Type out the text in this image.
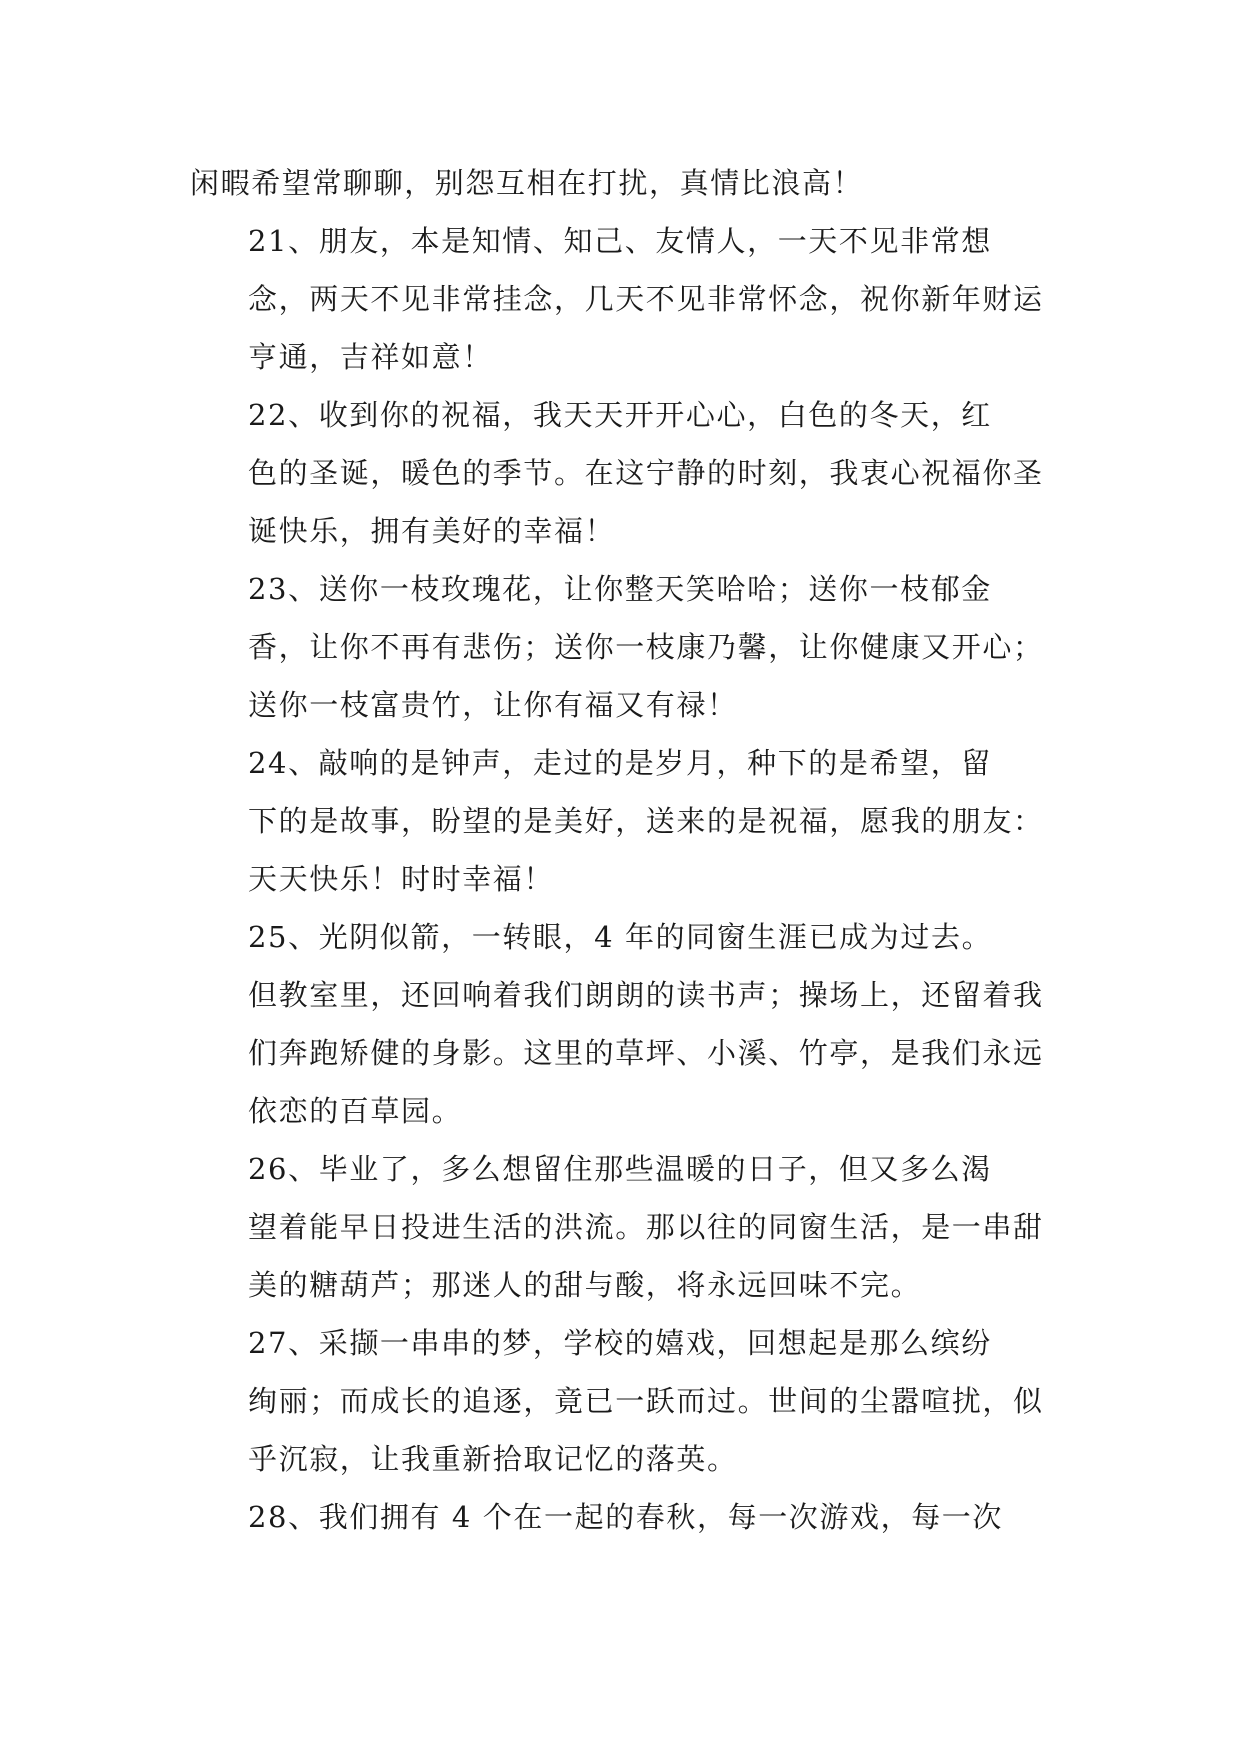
闲暇希望常聊聊，别怨互相在打扰，真情比浪高！
21、朋友，本是知情、知己、友情人，一天不见非常想
念，两天不见非常挂念，几天不见非常怀念，祝你新年财运
亨通，吉祥如意！
22、收到你的祝福，我天天开开心心，白色的冬天，红
色的圣诞，暖色的季节。在这宁静的时刻，我衷心祝福你圣
诞快乐，拥有美好的幸福！
23、送你一枝玫瑰花，让你整天笑哈哈；送你一枝郁金
香，让你不再有悲伤；送你一枝康乃馨，让你健康又开心；
送你一枝富贵竹，让你有福又有禄！
24、敲响的是钟声，走过的是岁月，种下的是希望，留
下的是故事，盼望的是美好，送来的是祝福，愿我的朋友：
天天快乐！时时幸福！
25、光阴似箭，一转眼，4 年的同窗生涯已成为过去。
但教室里，还回响着我们朗朗的读书声；操场上，还留着我
们奔跑矫健的身影。这里的草坪、小溪、竹亭，是我们永远
依恋的百草园。
26、毕业了，多么想留住那些温暖的日子，但又多么渴
望着能早日投进生活的洪流。那以往的同窗生活，是一串甜
美的糖葫芦；那迷人的甜与酸，将永远回味不完。
27、采撷一串串的梦，学校的嬉戏，回想起是那么缤纷
绚丽；而成长的追逐，竟已一跃而过。世间的尘嚣喧扰，似
乎沉寂，让我重新拾取记忆的落英。
28、我们拥有 4 个在一起的春秋，每一次游戏，每一次
